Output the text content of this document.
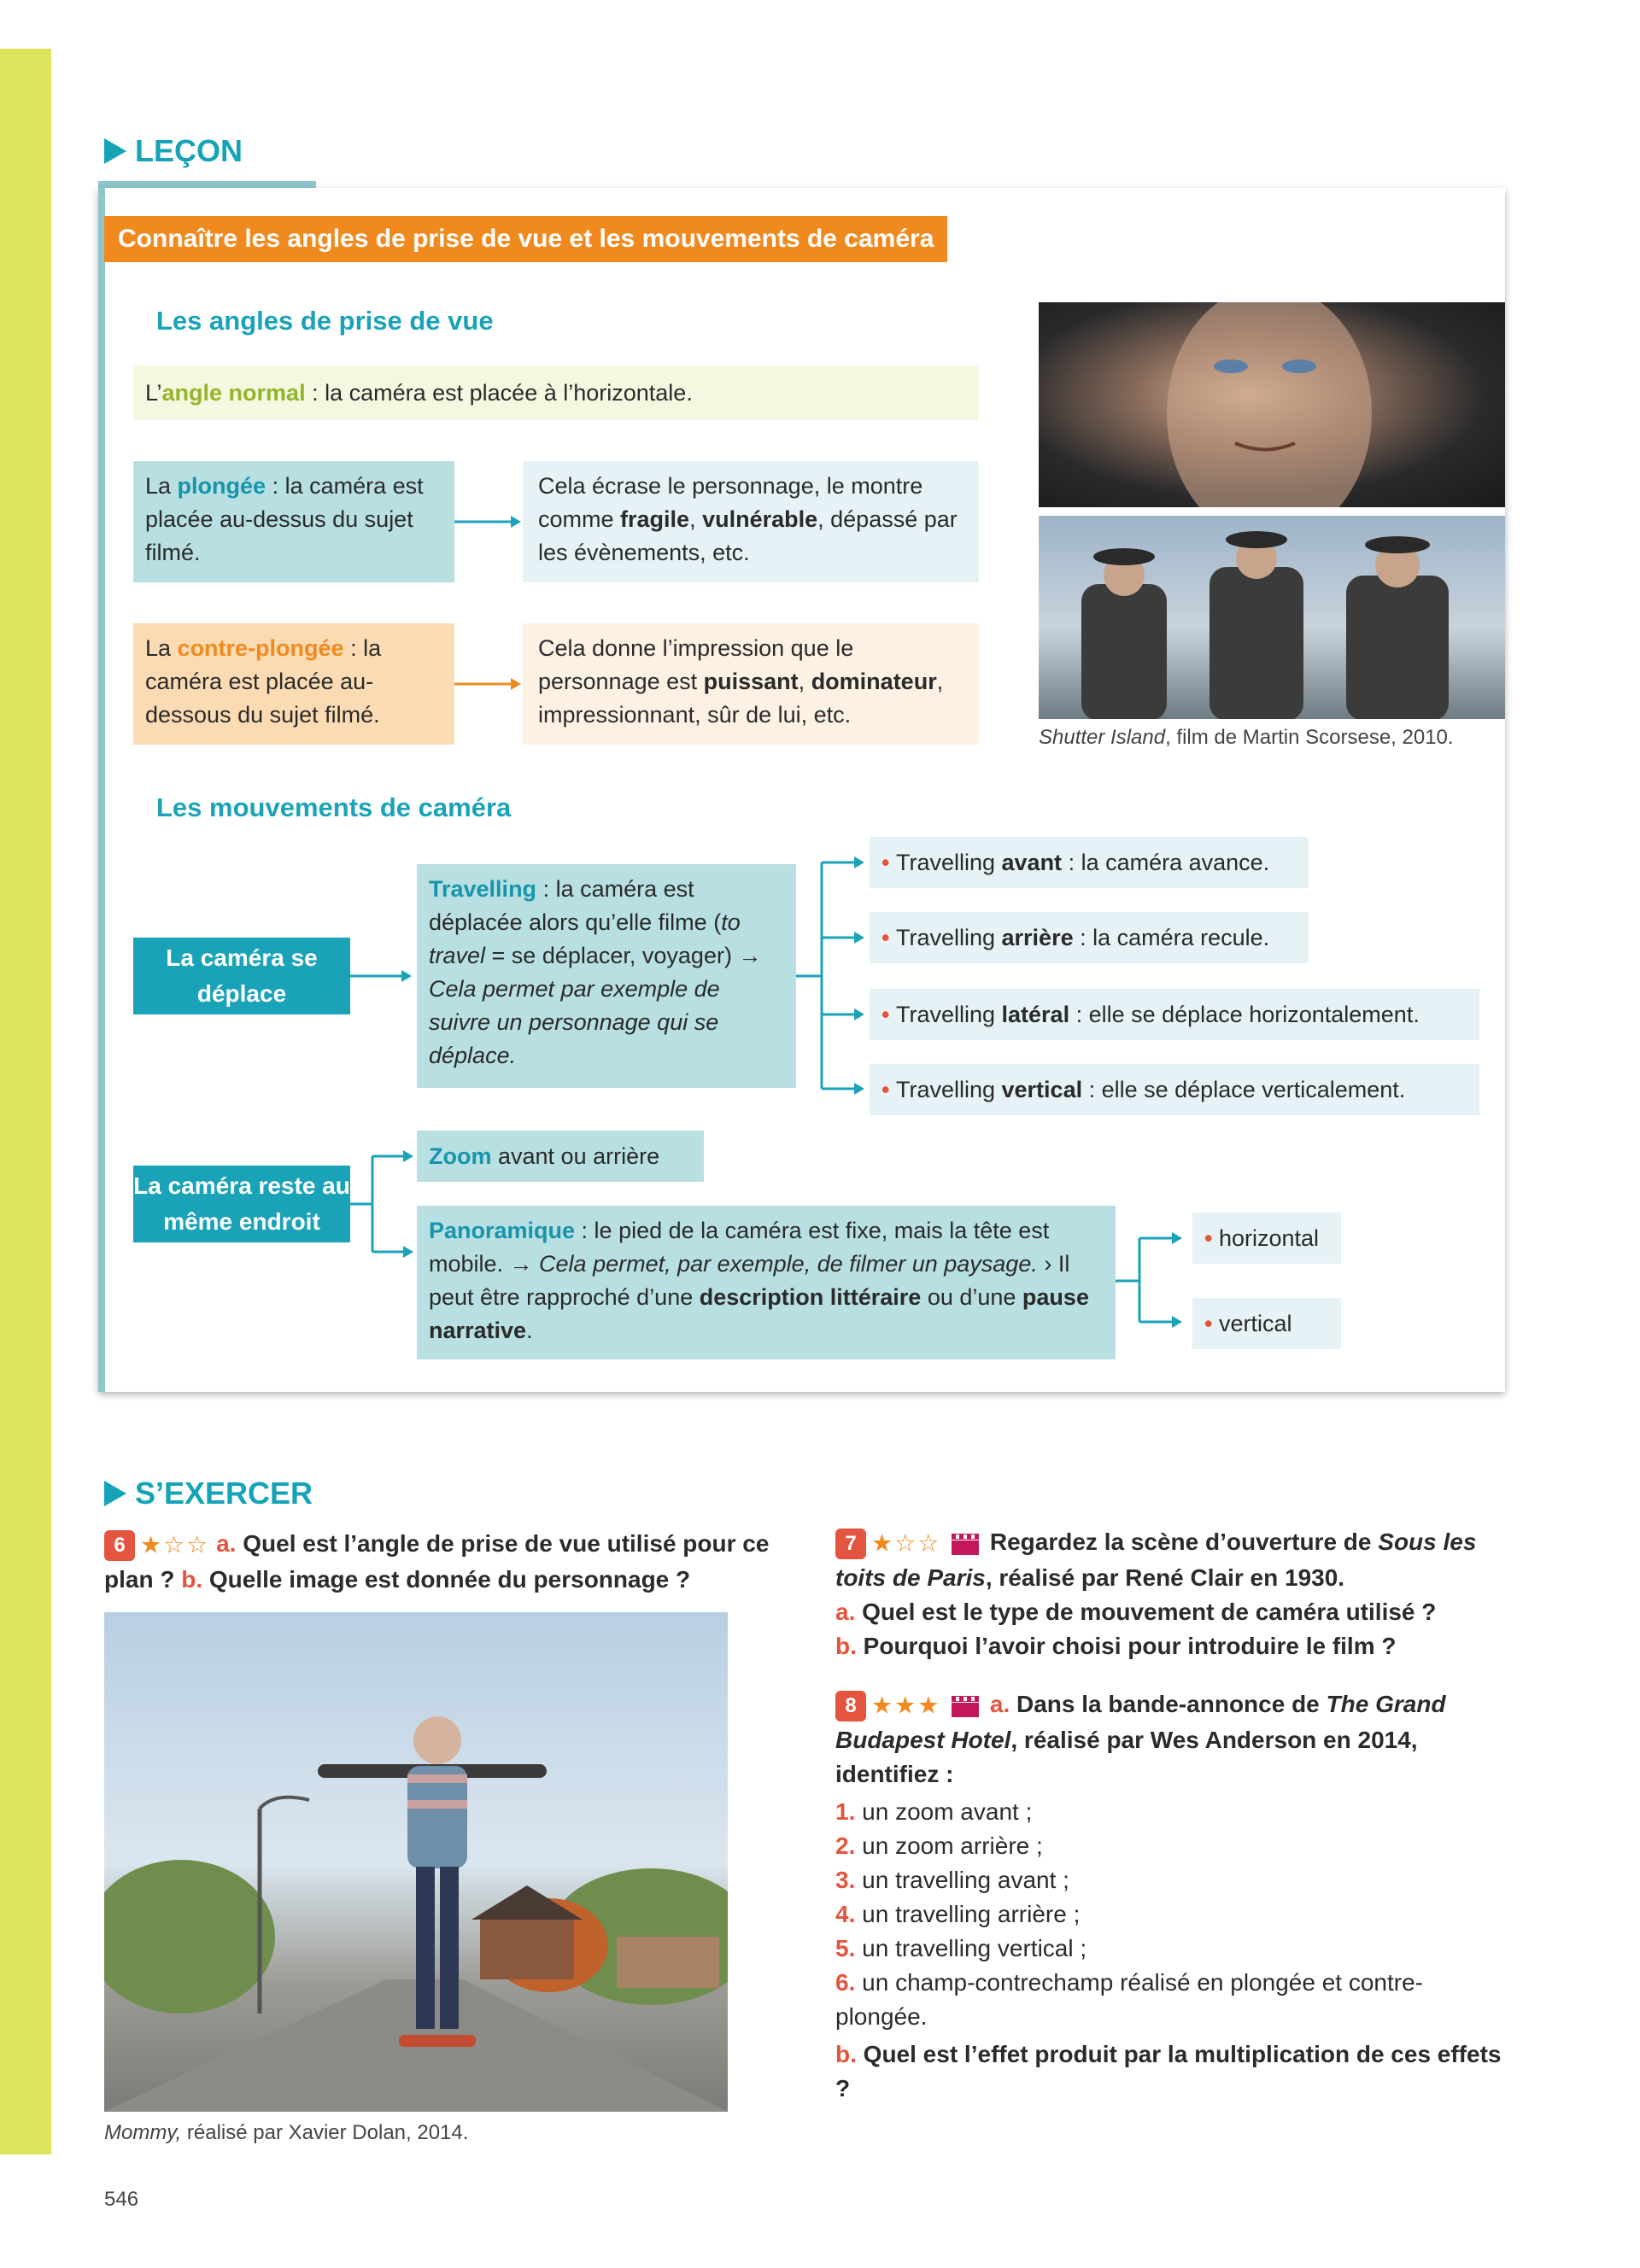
LEÇON
Connaître les angles de prise de vue et les mouvements de caméra
Les angles de prise de vue
L’angle normal : la caméra est placée à l’horizontale.
La plongée : la caméra est placée au-dessus du sujet filmé.
Cela écrase le personnage, le montre comme fragile, vulnérable, dépassé par les évènements, etc.
La contre-plongée : la caméra est placée au-dessous du sujet filmé.
Cela donne l’impression que le personnage est puissant, dominateur, impressionnant, sûr de lui, etc.
Shutter Island, film de Martin Scorsese, 2010.
Les mouvements de caméra
La caméra se déplace
Travelling : la caméra est déplacée alors qu’elle filme (to travel = se déplacer, voyager) → Cela permet par exemple de suivre un personnage qui se déplace.
• Travelling avant : la caméra avance.
• Travelling arrière : la caméra recule.
• Travelling latéral : elle se déplace horizontalement.
• Travelling vertical : elle se déplace verticalement.
La caméra reste au même endroit
Zoom avant ou arrière
Panoramique : le pied de la caméra est fixe, mais la tête est mobile. → Cela permet, par exemple, de filmer un paysage. › Il peut être rapproché d’une description littéraire ou d’une pause narrative.
• horizontal
• vertical
S’EXERCER
6 ★☆☆ a. Quel est l’angle de prise de vue utilisé pour ce plan ? b. Quelle image est donnée du personnage ?
Mommy, réalisé par Xavier Dolan, 2014.
7 ★☆☆ Regardez la scène d’ouverture de Sous les toits de Paris, réalisé par René Clair en 1930.
a. Quel est le type de mouvement de caméra utilisé ?
b. Pourquoi l’avoir choisi pour introduire le film ?
8 ★★★ a. Dans la bande-annonce de The Grand Budapest Hotel, réalisé par Wes Anderson en 2014, identifiez :
1. un zoom avant ;
2. un zoom arrière ;
3. un travelling avant ;
4. un travelling arrière ;
5. un travelling vertical ;
6. un champ-contrechamp réalisé en plongée et contre-plongée.
b. Quel est l’effet produit par la multiplication de ces effets ?
546
